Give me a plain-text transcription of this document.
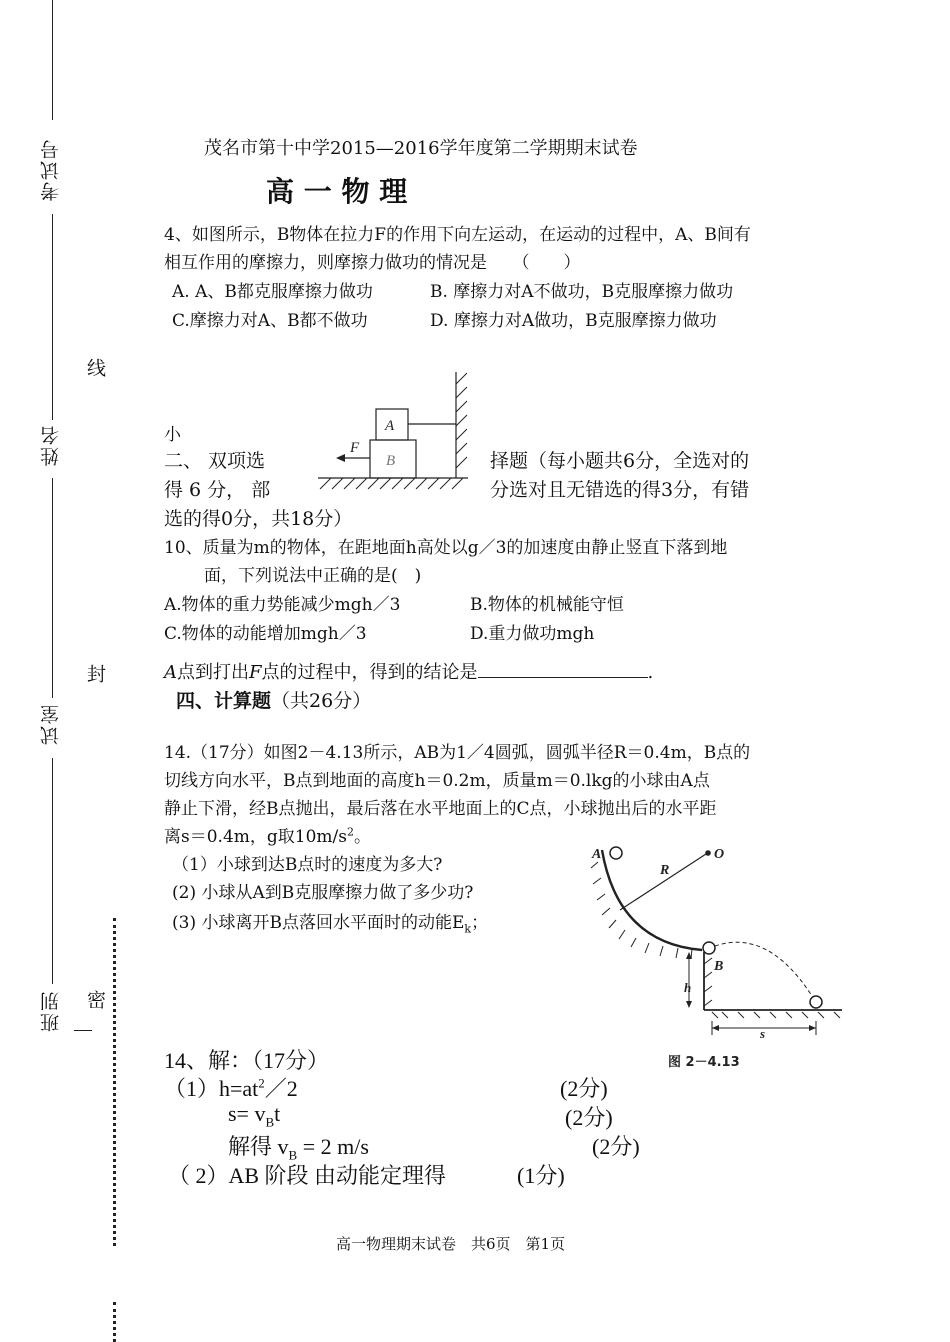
考试号
姓名
试室
班别
线
封
密
茂名市第十中学2015—2016学年度第二学期期末试卷
高 一 物 理
4、如图所示，B物体在拉力F的作用下向左运动，在运动的过程中，A、B间有
相互作用的摩擦力，则摩擦力做功的情况是　　（　　）
A. A、B都克服摩擦力做功	B. 摩擦力对A不做功，B克服摩擦力做功
C.摩擦力对A、B都不做功	D. 摩擦力对A做功，B克服摩擦力做功
A
B
F
小
二、 双项选	择题（每小题共6分，全选对的
得 6 分， 部	分选对且无错选的得3分，有错
选的得0分，共18分）
10、质量为m的物体，在距地面h高处以g／3的加速度由静止竖直下落到地
面，下列说法中正确的是(　)
A.物体的重力势能减少mgh／3	B.物体的机械能守恒
C.物体的动能增加mgh／3	D.重力做功mgh
A点到打出F点的过程中，得到的结论是	.
四、计算题（共26分）
14.（17分）如图2－4.13所示，AB为1／4圆弧，圆弧半径R＝0.4m，B点的
切线方向水平，B点到地面的高度h＝0.2m，质量m＝0.lkg的小球由A点
静止下滑，经B点抛出，最后落在水平地面上的C点，小球抛出后的水平距
离s＝0.4m，g取$10m/s^2$。
（1）小球到达B点时的速度为多大?
(2) 小球从A到B克服摩擦力做了多少功?
(3) 小球离开B点落回水平面时的动能$E_k$；
A
R
O
B
h
s
图 2－4.13
14、解：（17分）
$(1)h=at^2/2$	(2分)
$s= v_Bt$	(2分)
解得 $v_B = 2$ m/s	(2分)
（ 2）AB 阶段 由动能定理得	(1分)
高一物理期末试卷　共6页　第1页
